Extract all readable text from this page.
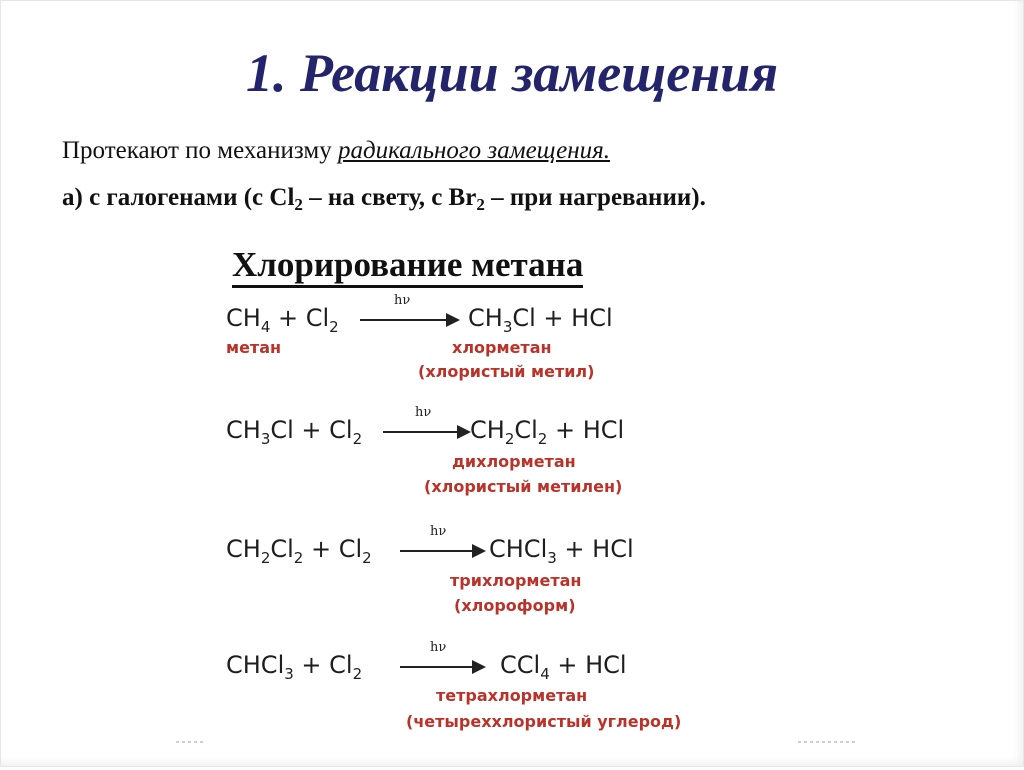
1. Реакции замещения
Протекают по механизму радикального замещения.
а) с галогенами (с $Cl_2$ – на свету, с $Br_2$ – при нагревании).
Хлорирование метана
$CH_4 + Cl_2$
hν
$CH_3Cl$ + HCl
метан	хлорметан
(хлористый метил)
$CH_3Cl + Cl_2$
hν
$CH_2Cl_2$ + HCl
дихлорметан
(хлористый метилен)
$CH_2Cl_2 + Cl_2$
hν
CHCl$_3$ + HCl
трихлорметан
(хлороформ)
CHCl$_3$ + $Cl_2$
hν
CCl$_4$ + HCl
тетрахлорметан
(четыреххлористый углерод)
